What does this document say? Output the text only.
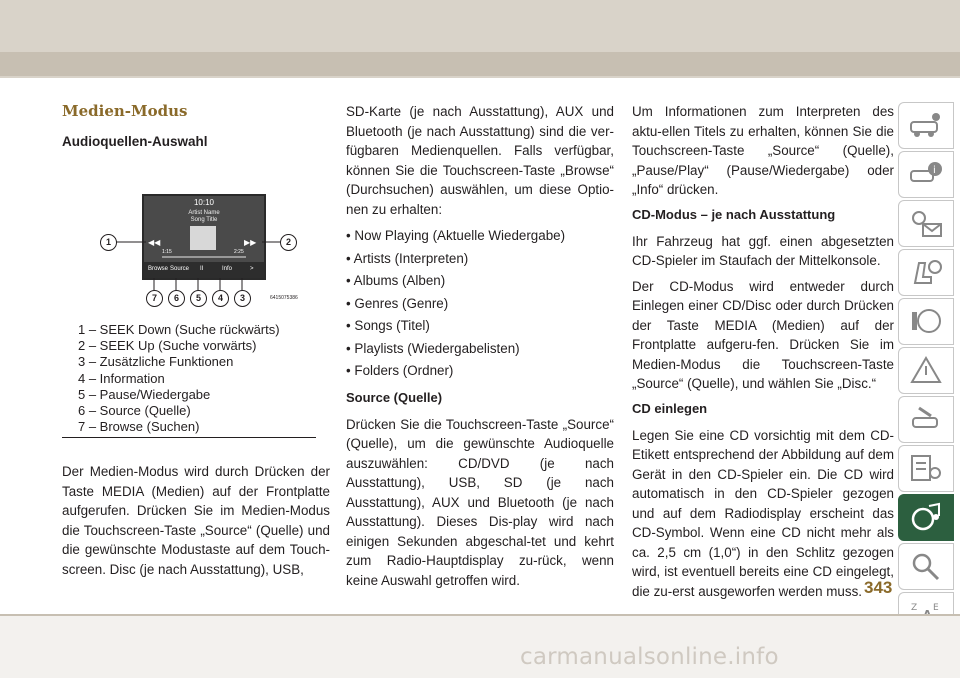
Medien-Modus
Audioquellen-Auswahl
10:10
Artist Name
Song Title
◀◀	▶▶
1:15	2:25
Browse Source II	Info	>
1	2
7	6	5	4	3	6415075386
1 – SEEK Down (Suche rückwärts)
2 – SEEK Up (Suche vorwärts)
3 – Zusätzliche Funktionen
4 – Information
5 – Pause/Wiedergabe
6 – Source (Quelle)
7 – Browse (Suchen)

Der Medien-Modus wird durch Drücken der Taste MEDIA (Medien) auf der Frontplatte aufgerufen. Drücken Sie im Medien-Modus die Touchscreen-Taste „Source“ (Quelle) und die gewünschte Modustaste auf dem Touch-screen. Disc (je nach Ausstattung), USB,

SD-Karte (je nach Ausstattung), AUX und Bluetooth (je nach Ausstattung) sind die ver-fügbaren Medienquellen. Falls verfügbar, können Sie die Touchscreen-Taste „Browse“ (Durchsuchen) auswählen, um diese Optio-nen zu erhalten:

• Now Playing (Aktuelle Wiedergabe)
• Artists (Interpreten)
• Albums (Alben)
• Genres (Genre)
• Songs (Titel)
• Playlists (Wiedergabelisten)
• Folders (Ordner)
Source (Quelle)

Drücken Sie die Touchscreen-Taste „Source“ (Quelle), um die gewünschte Audioquelle auszuwählen: CD/DVD (je nach Ausstattung), USB, SD (je nach Ausstattung), AUX und Bluetooth (je nach Ausstattung). Dieses Dis-play wird nach einigen Sekunden abgeschal-tet und kehrt zum Radio-Hauptdisplay zu-rück, wenn keine Auswahl getroffen wird.

Um Informationen zum Interpreten des aktu-ellen Titels zu erhalten, können Sie die Touchscreen-Taste „Source“ (Quelle), „Pause/Play“ (Pause/Wiedergabe) oder „Info“ drücken.

CD-Modus – je nach Ausstattung

Ihr Fahrzeug hat ggf. einen abgesetzten CD-Spieler im Staufach der Mittelkonsole.

Der CD-Modus wird entweder durch Einlegen einer CD/Disc oder durch Drücken der Taste MEDIA (Medien) auf der Frontplatte aufgeru-fen. Drücken Sie im Medien-Modus die Touchscreen-Taste „Source“ (Quelle), und wählen Sie „Disc.“

CD einlegen

Legen Sie eine CD vorsichtig mit dem CD-Etikett entsprechend der Abbildung auf dem Gerät in den CD-Spieler ein. Die CD wird automatisch in den CD-Spieler gezogen und auf dem Radiodisplay erscheint das CD-Symbol. Wenn eine CD nicht mehr als ca. 2,5 cm (1,0“) in den Schlitz gezogen wird, ist eventuell bereits eine CD eingelegt, die zu-erst ausgeworfen werden muss.

i
Z E
343
carmanualsonline.info
